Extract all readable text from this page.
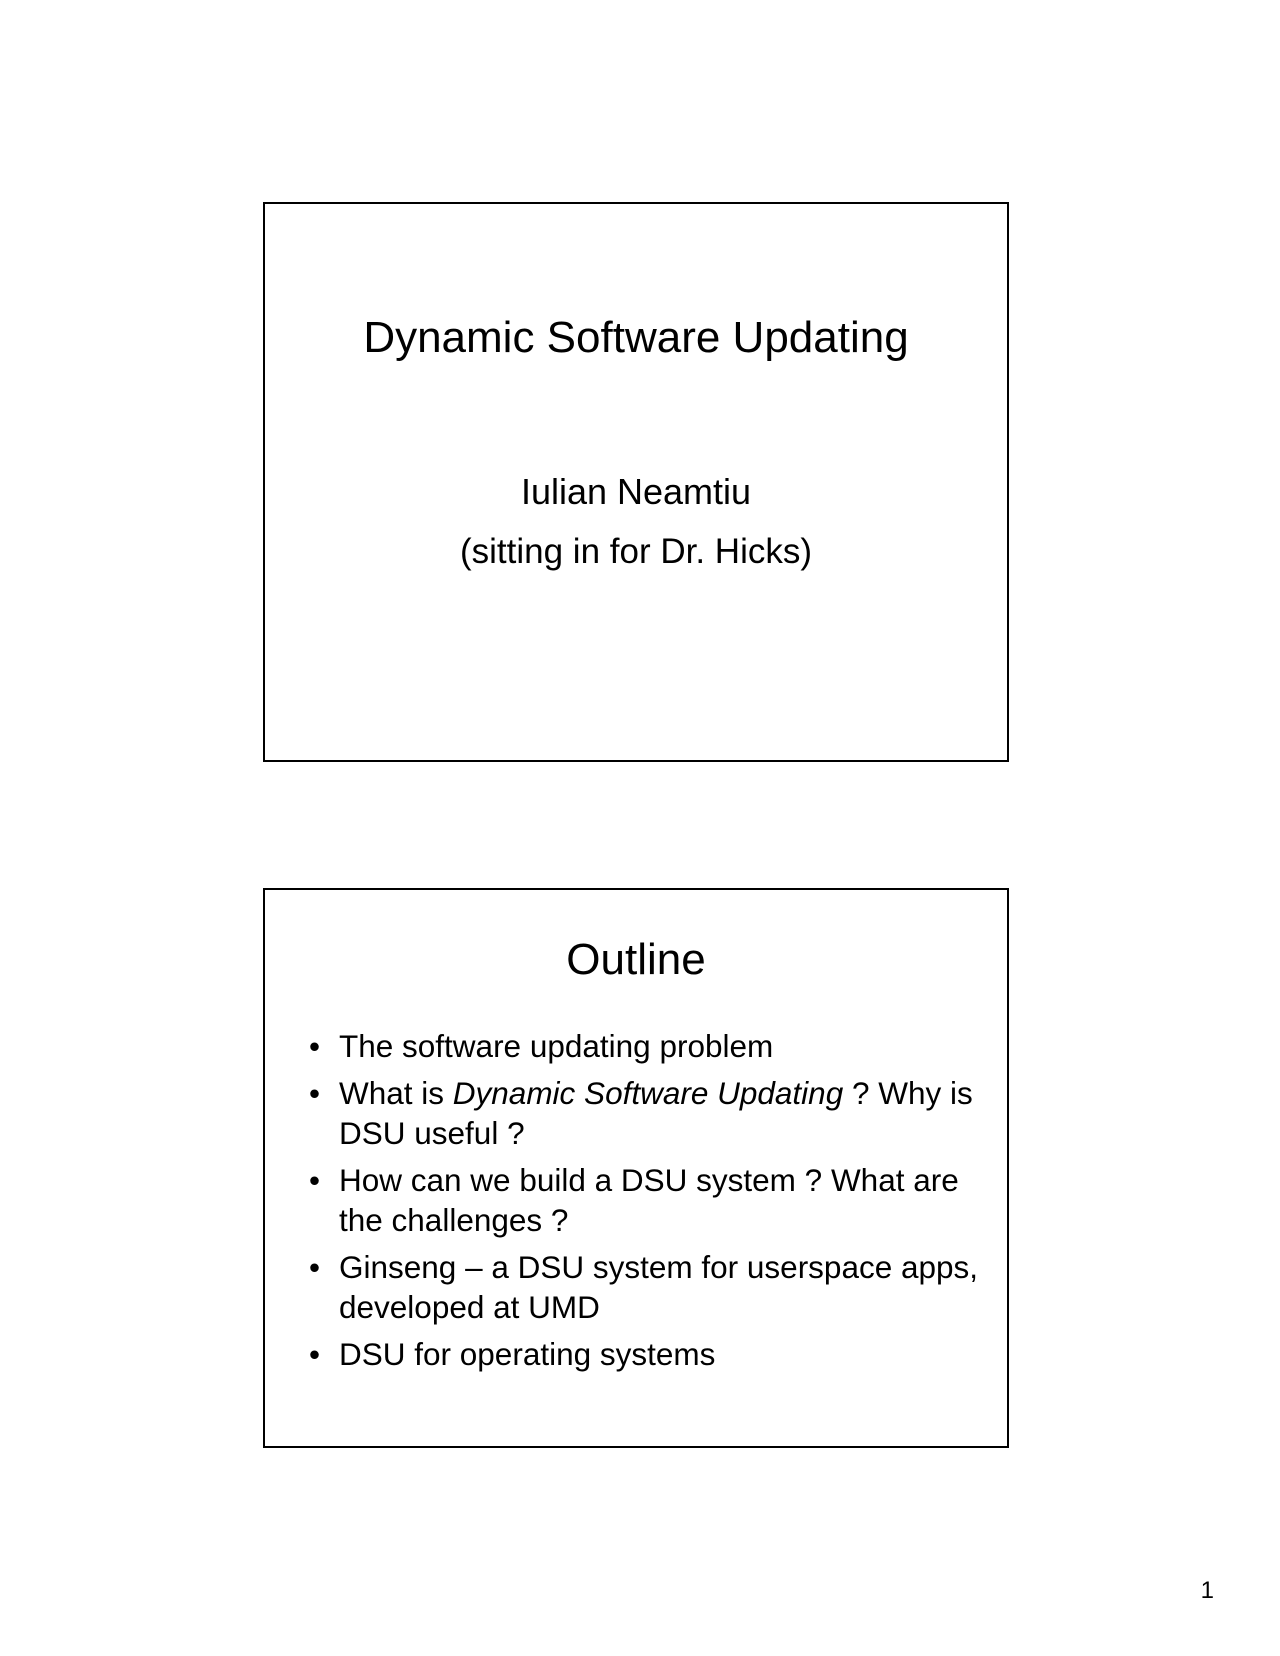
Dynamic Software Updating
Iulian Neamtiu
(sitting in for Dr. Hicks)
Outline
• The software updating problem
• What is Dynamic Software Updating ? Why is DSU useful ?
• How can we build a DSU system ? What are the challenges ?
• Ginseng – a DSU system for userspace apps, developed at UMD
• DSU for operating systems
1
